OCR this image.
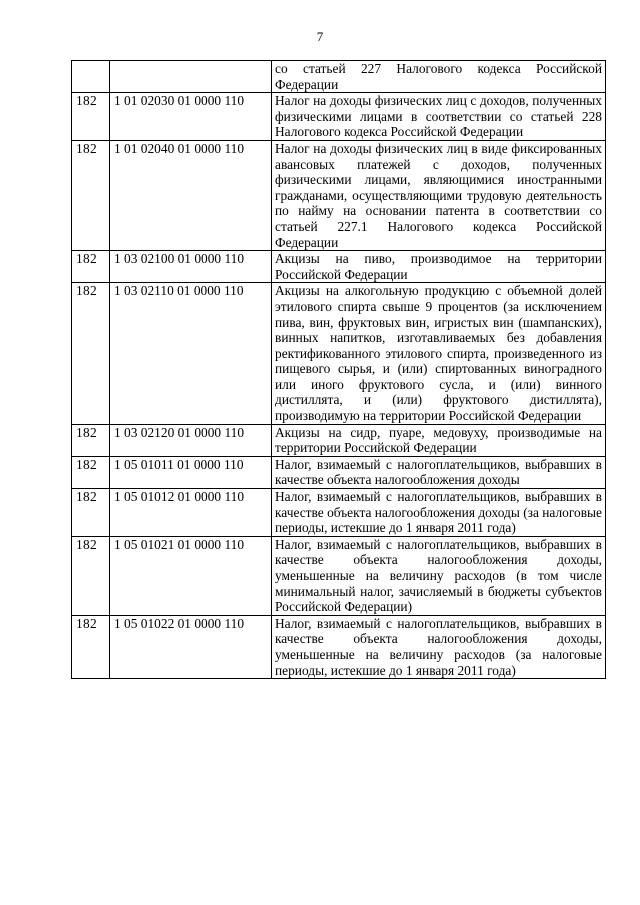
7
		со статьей 227 Налогового кодекса Российской Федерации
182	1 01 02030 01 0000 110	Налог на доходы физических лиц с доходов, полученных физическими лицами в соответствии со статьей 228 Налогового кодекса Российской Федерации
182	1 01 02040 01 0000 110	Налог на доходы физических лиц в виде фиксированных авансовых платежей с доходов, полученных физическими лицами, являющимися иностранными гражданами, осуществляющими трудовую деятельность по найму на основании патента в соответствии со статьей 227.1 Налогового кодекса Российской Федерации
182	1 03 02100 01 0000 110	Акцизы на пиво, производимое на территории Российской Федерации
182	1 03 02110 01 0000 110	Акцизы на алкогольную продукцию с объемной долей этилового спирта свыше 9 процентов (за исключением пива, вин, фруктовых вин, игристых вин (шампанских), винных напитков, изготавливаемых без добавления ректификованного этилового спирта, произведенного из пищевого сырья, и (или) спиртованных виноградного или иного фруктового сусла, и (или) винного дистиллята, и (или) фруктового дистиллята), производимую на территории Российской Федерации
182	1 03 02120 01 0000 110	Акцизы на сидр, пуаре, медовуху, производимые на территории Российской Федерации
182	1 05 01011 01 0000 110	Налог, взимаемый с налогоплательщиков, выбравших в качестве объекта налогообложения доходы
182	1 05 01012 01 0000 110	Налог, взимаемый с налогоплательщиков, выбравших в качестве объекта налогообложения доходы (за налоговые периоды, истекшие до 1 января 2011 года)
182	1 05 01021 01 0000 110	Налог, взимаемый с налогоплательщиков, выбравших в качестве объекта налогообложения доходы, уменьшенные на величину расходов (в том числе минимальный налог, зачисляемый в бюджеты субъектов Российской Федерации)
182	1 05 01022 01 0000 110	Налог, взимаемый с налогоплательщиков, выбравших в качестве объекта налогообложения доходы, уменьшенные на величину расходов (за налоговые периоды, истекшие до 1 января 2011 года)
